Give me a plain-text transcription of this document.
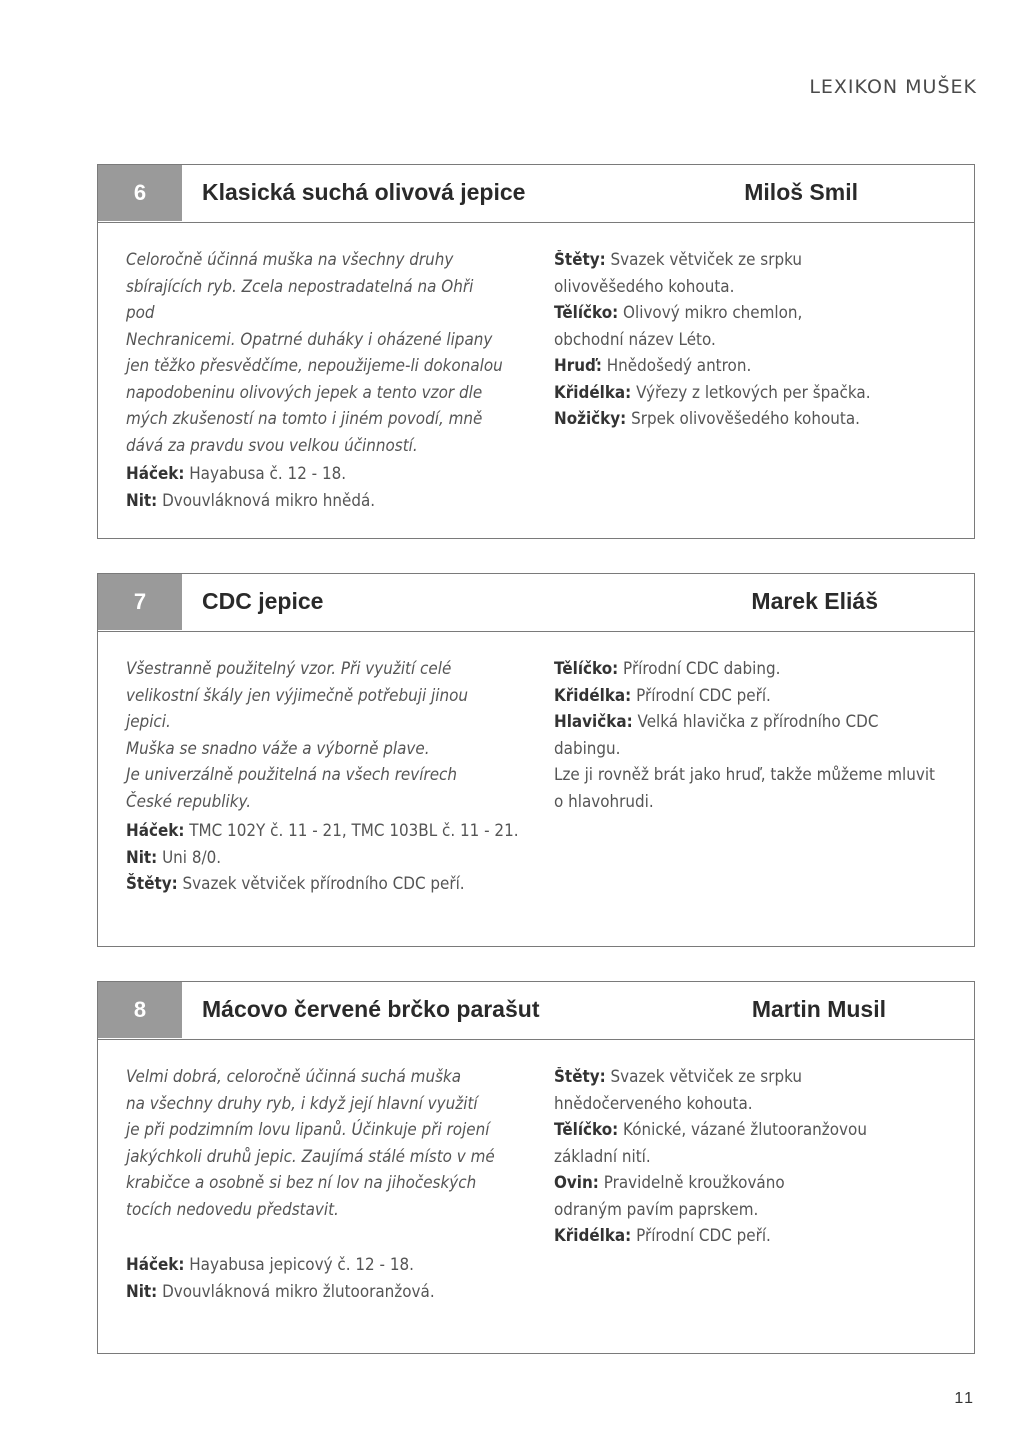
LEXIKON MUŠEK
6	Klasická suchá olivová jepice	Miloš Smil
Celoročně účinná muška na všechny druhy
sbírajících ryb. Zcela nepostradatelná na Ohři pod
Nechranicemi. Opatrné duháky i oházené lipany
jen těžko přesvědčíme, nepoužijeme-li dokonalou
napodobeninu olivových jepek a tento vzor dle
mých zkušeností na tomto i jiném povodí, mně
dává za pravdu svou velkou účinností.

Štěty: Svazek větviček ze srpku

olivověšedého kohouta.

Tělíčko: Olivový mikro chemlon,

obchodní název Léto.

Hruď: Hnědošedý antron.

Křidélka: Výřezy z letkových per špačka.

Nožičky: Srpek olivověšedého kohouta.

Háček: Hayabusa č. 12 - 18.

Nit: Dvouvláknová mikro hnědá.

7	CDC jepice	Marek Eliáš
Všestranně použitelný vzor. Při využití celé
velikostní škály jen výjimečně potřebuji jinou jepici.
Muška se snadno váže a výborně plave.
Je univerzálně použitelná na všech revírech
České republiky.

Tělíčko: Přírodní CDC dabing.

Křidélka: Přírodní CDC peří.

Hlavička: Velká hlavička z přírodního CDC dabingu.

Lze ji rovněž brát jako hruď, takže můžeme mluvit

o hlavohrudi.

Háček: TMC 102Y č. 11 - 21, TMC 103BL č. 11 - 21.

Nit: Uni 8/0.

Štěty: Svazek větviček přírodního CDC peří.

8	Mácovo červené brčko parašut	Martin Musil
Velmi dobrá, celoročně účinná suchá muška
na všechny druhy ryb, i když její hlavní využití
je při podzimním lovu lipanů. Účinkuje při rojení
jakýchkoli druhů jepic. Zaujímá stálé místo v mé
krabičce a osobně si bez ní lov na jihočeských
tocích nedovedu představit.

Štěty: Svazek větviček ze srpku

hnědočerveného kohouta.

Tělíčko: Kónické, vázané žlutooranžovou

základní nití.

Ovin: Pravidelně kroužkováno

odraným pavím paprskem.

Křidélka: Přírodní CDC peří.

Háček: Hayabusa jepicový č. 12 - 18.

Nit: Dvouvláknová mikro žlutooranžová.

11
